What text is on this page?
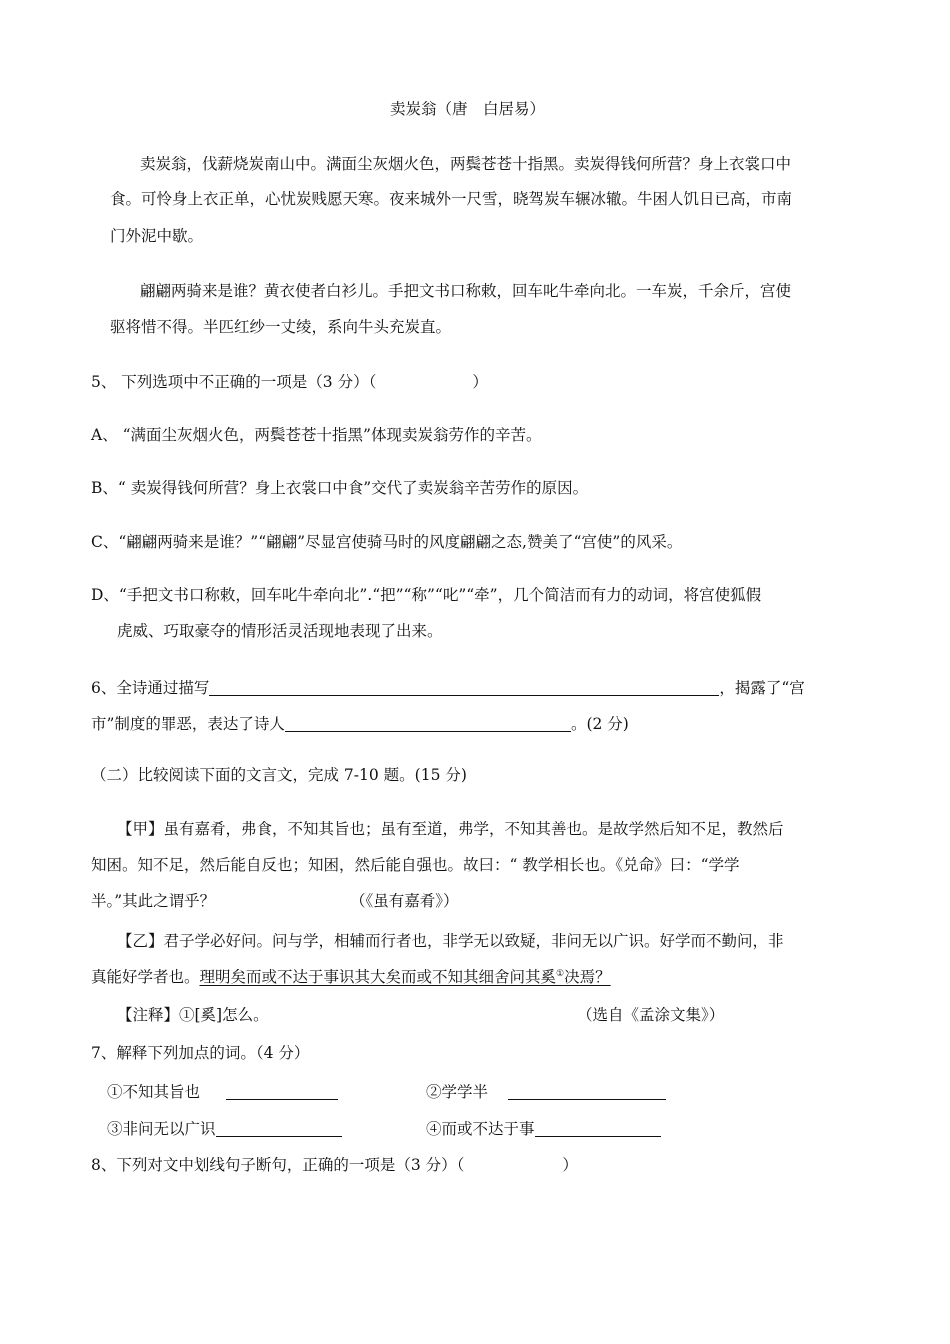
卖炭翁（唐　白居易）
卖炭翁，伐薪烧炭南山中。满面尘灰烟火色，两鬓苍苍十指黑。卖炭得钱何所营？身上衣裳口中
食。可怜身上衣正单，心忧炭贱愿天寒。夜来城外一尺雪，晓驾炭车辗冰辙。牛困人饥日已高，市南
门外泥中歇。
翩翩两骑来是谁？黄衣使者白衫儿。手把文书口称敕，回车叱牛牵向北。一车炭，千余斤，宫使
驱将惜不得。半匹红纱一丈绫，系向牛头充炭直。
5、 下列选项中不正确的一项是（3 分）（	）
A、 “满面尘灰烟火色，两鬓苍苍十指黑”体现卖炭翁劳作的辛苦。
B、“ 卖炭得钱何所营？身上衣裳口中食”交代了卖炭翁辛苦劳作的原因。
C、“翩翩两骑来是谁？”“翩翩”尽显宫使骑马时的风度翩翩之态,赞美了“宫使”的风采。
D、“手把文书口称敕，回车叱牛牵向北”.“把”“称”“叱”“牵”，几个简洁而有力的动词，将宫使狐假
虎威、巧取豪夺的情形活灵活现地表现了出来。
6、全诗通过描写	，揭露了“宫
市”制度的罪恶，表达了诗人	。(2 分)
（二）比较阅读下面的文言文，完成 7-10 题。(15 分)
【甲】虽有嘉肴，弗食，不知其旨也；虽有至道，弗学，不知其善也。是故学然后知不足，教然后
知困。知不足，然后能自反也；知困，然后能自强也。故曰：“ 教学相长也。《兑命》曰：“学学
半。”其此之谓乎？	（《虽有嘉肴》）
【乙】君子学必好问。问与学，相辅而行者也，非学无以致疑，非问无以广识。好学而不勤问，非
真能好学者也。理明矣而或不达于事识其大矣而或不知其细舍问其奚①决焉？
【注释】①[奚]怎么。	（选自《孟涂文集》）
7、解释下列加点的词。（4 分）
①不知其旨也	②学学半
③非问无以广识	④而或不达于事
8、下列对文中划线句子断句，正确的一项是（3 分）（	）
